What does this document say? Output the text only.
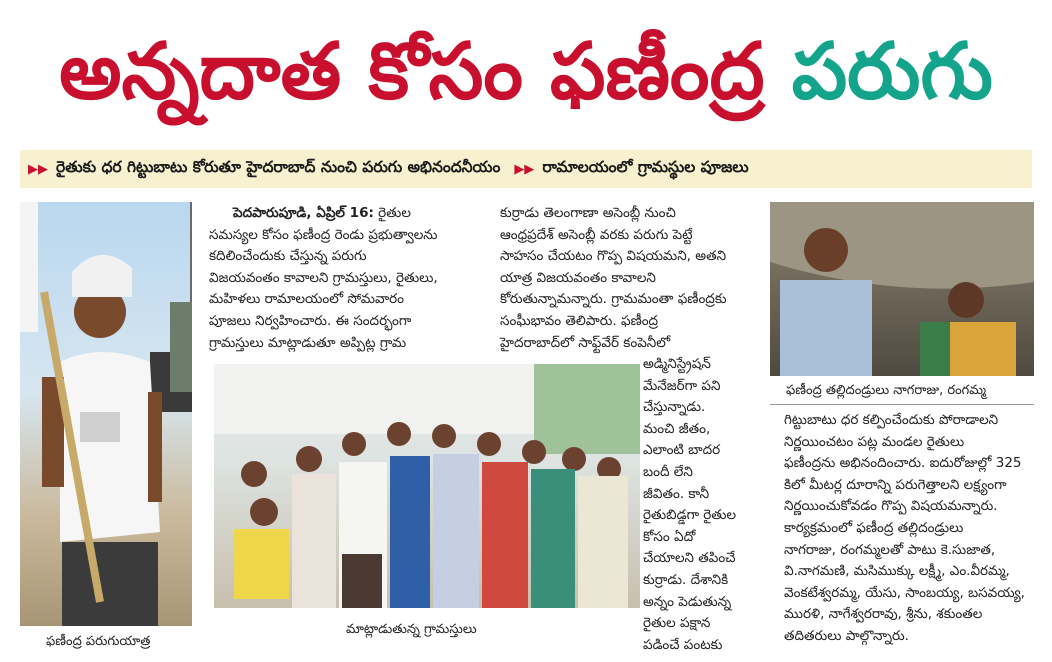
అన్నదాత కోసం ఫణీంద్ర పరుగు
▶▶ రైతుకు ధర గిట్టుబాటు కోరుతూ హైదరాబాద్ నుంచి పరుగు అభినందనీయం ▶▶ రామాలయంలో గ్రామస్థుల పూజలు
ఫణీంద్ర పరుగుయాత్ర

పెదపారుపూడి, ఏప్రిల్ 16: రైతుల

సమస్యల కోసం ఫణీంద్ర రెండు ప్రభుత్వాలను

కదిలించేందుకు చేస్తున్న పరుగు

విజయవంతం కావాలని గ్రామస్తులు, రైతులు,

మహిళలు రామాలయంలో సోమవారం

పూజలు నిర్వహించారు. ఈ సందర్భంగా

గ్రామస్తులు మాట్లాడుతూ అప్పిట్ల గ్రామ

కుర్రాడు తెలంగాణా అసెంబ్లీ నుంచి

ఆంధ్రప్రదేశ్ అసెంబ్లీ వరకు పరుగు పెట్టే

సాహసం చేయటం గొప్ప విషయమని, అతని

యాత్ర విజయవంతం కావాలని

కోరుతున్నామన్నారు. గ్రామమంతా ఫణీంద్రకు

సంఘీభావం తెలిపారు. ఫణీంద్ర

హైదరాబాద్‌లో సాఫ్ట్‌వేర్ కంపెనీలో

అడ్మినిస్ట్రేషన్

మేనేజర్‌గా పని

చేస్తున్నాడు.

మంచి జీతం,

ఎలాంటి బాదర

బందీ లేని

జీవితం. కానీ

రైతుబిడ్డగా రైతుల

కోసం ఏదో

చేయాలని తపించే

కుర్రాడు. దేశానికి

అన్నం పెడుతున్న

రైతుల పక్షాన

పడించే పంటకు

మాట్లాడుతున్న గ్రామస్తులు
ఫణీంద్ర తల్లిదండ్రులు నాగరాజు, రంగమ్మ

గిట్టుబాటు ధర కల్పించేందుకు పోరాడాలని

నిర్ణయించటం పట్ల మండల రైతులు

ఫణీంద్రను అభినందించారు. ఐదురోజుల్లో 325

కిలో మీటర్ల దూరాన్ని పరుగెత్తాలని లక్ష్యంగా

నిర్ణయించుకోవడం గొప్ప విషయమన్నారు.

కార్యక్రమంలో ఫణీంద్ర తల్లిదండ్రులు

నాగరాజు, రంగమ్మలతో పాటు కె.సుజాత,

వి.నాగమణి, మసిముక్కు లక్ష్మీ, ఎం.వీరమ్మ,

వెంకటేశ్వరమ్మ, యేసు, సాంబయ్య, బసవయ్య,

మురళి, నాగేశ్వరరావు, శ్రీను, శకుంతల

తదితరులు పాల్గొన్నారు.
